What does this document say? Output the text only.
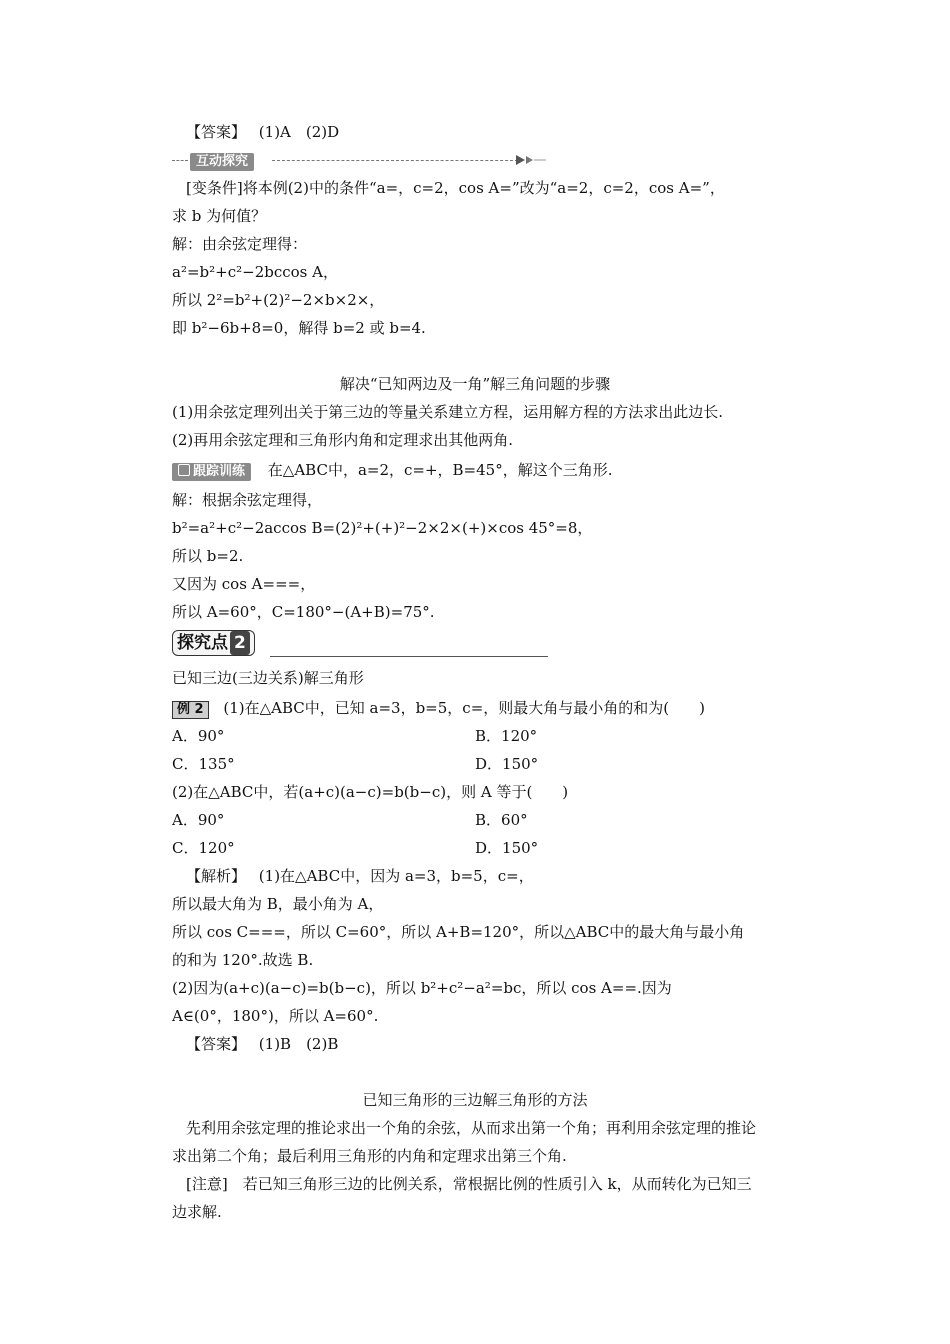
【答案】 (1)A　(2)D
互动探究
[变条件]将本例(2)中的条件“a=，c=2，cos A=”改为“a=2，c=2，cos A=”，
求 b 为何值？
解：由余弦定理得：
a²=b²+c²−2bccos A，
所以 2²=b²+(2)²−2×b×2×，
即 b²−6b+8=0，解得 b=2 或 b=4.
解决“已知两边及一角”解三角问题的步骤
(1)用余弦定理列出关于第三边的等量关系建立方程，运用解方程的方法求出此边长.
(2)再用余弦定理和三角形内角和定理求出其他两角.
跟踪训练 在△ABC中，a=2，c=+，B=45°，解这个三角形.
解：根据余弦定理得，
b²=a²+c²−2accos B=(2)²+(+)²−2×2×(+)×cos 45°=8，
所以 b=2.
又因为 cos A===，
所以 A=60°，C=180°−(A+B)=75°.
探究点 2
已知三边(三边关系)解三角形
例 2 (1)在△ABC中，已知 a=3，b=5，c=，则最大角与最小角的和为(　　)
A．90°	B．120°
C．135°	D．150°
(2)在△ABC中，若(a+c)(a−c)=b(b−c)，则 A 等于(　　)
A．90°	B．60°
C．120°	D．150°
【解析】 (1)在△ABC中，因为 a=3，b=5，c=，
所以最大角为 B，最小角为 A，
所以 cos C===，所以 C=60°，所以 A+B=120°，所以△ABC中的最大角与最小角
的和为 120°.故选 B.
(2)因为(a+c)(a−c)=b(b−c)，所以 b²+c²−a²=bc，所以 cos A==.因为
A∈(0°，180°)，所以 A=60°.
【答案】 (1)B　(2)B
已知三角形的三边解三角形的方法
先利用余弦定理的推论求出一个角的余弦，从而求出第一个角；再利用余弦定理的推论
求出第二个角；最后利用三角形的内角和定理求出第三个角.
[注意]　若已知三角形三边的比例关系，常根据比例的性质引入 k，从而转化为已知三
边求解.
